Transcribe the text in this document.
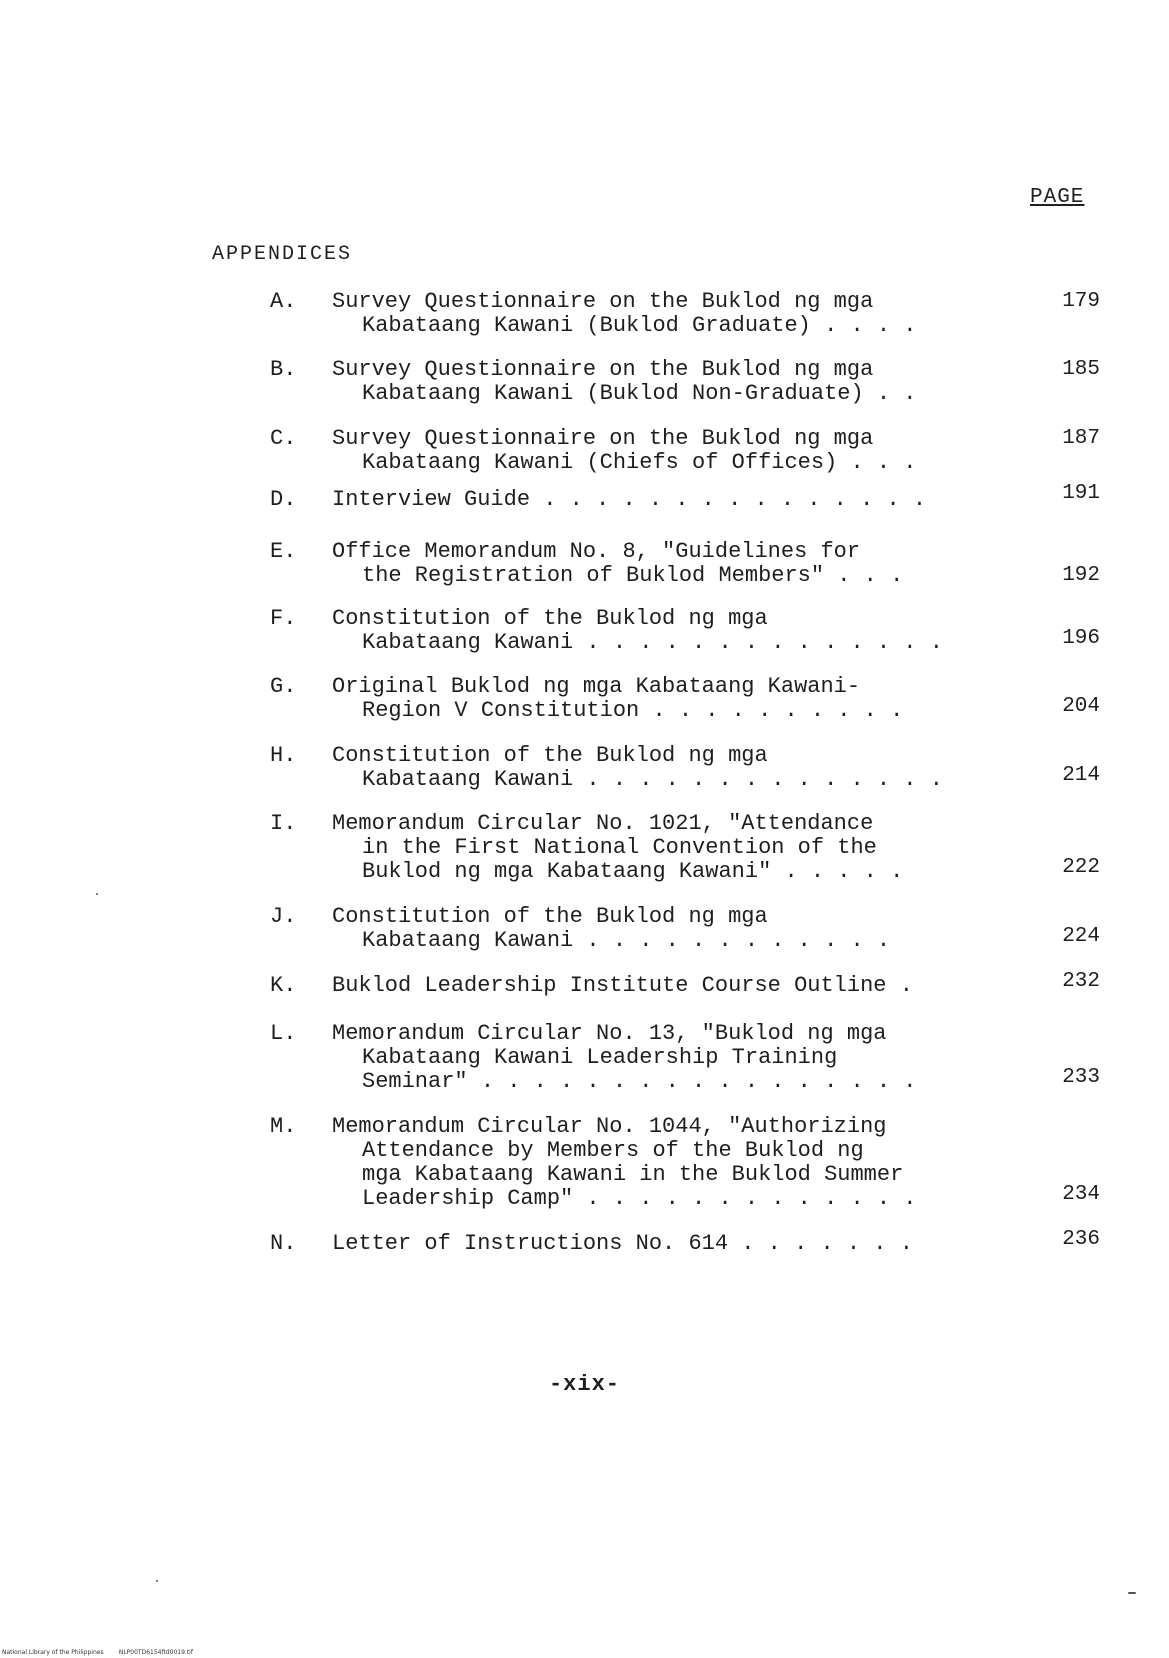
PAGE
APPENDICES
A.	Survey Questionnaire on the Buklod ng mga
Kabataang Kawani (Buklod Graduate) . . . .
179
B.	Survey Questionnaire on the Buklod ng mga
Kabataang Kawani (Buklod Non-Graduate) . .
185
C.	Survey Questionnaire on the Buklod ng mga
Kabataang Kawani (Chiefs of Offices) . . .
187
D.	Interview Guide . . . . . . . . . . . . . . .	191
E.	Office Memorandum No. 8, "Guidelines for
the Registration of Buklod Members" . . .	192
F.	Constitution of the Buklod ng mga
Kabataang Kawani . . . . . . . . . . . . . .	196
G.	Original Buklod ng mga Kabataang Kawani-
Region V Constitution . . . . . . . . . .	204
H.	Constitution of the Buklod ng mga
Kabataang Kawani . . . . . . . . . . . . . .	214
I.	Memorandum Circular No. 1021, "Attendance
in the First National Convention of the
Buklod ng mga Kabataang Kawani" . . . . .	222
J.	Constitution of the Buklod ng mga
Kabataang Kawani . . . . . . . . . . . .	224
K.	Buklod Leadership Institute Course Outline .	232
L.	Memorandum Circular No. 13, "Buklod ng mga
Kabataang Kawani Leadership Training
Seminar" . . . . . . . . . . . . . . . . .	233
M.	Memorandum Circular No. 1044, "Authorizing
Attendance by Members of the Buklod ng
mga Kabataang Kawani in the Buklod Summer
Leadership Camp" . . . . . . . . . . . . .	234
N.	Letter of Instructions No. 614 . . . . . . .	236
-xix-
National Library of the Philippines	NLP00TD6154ftd0019.tif
